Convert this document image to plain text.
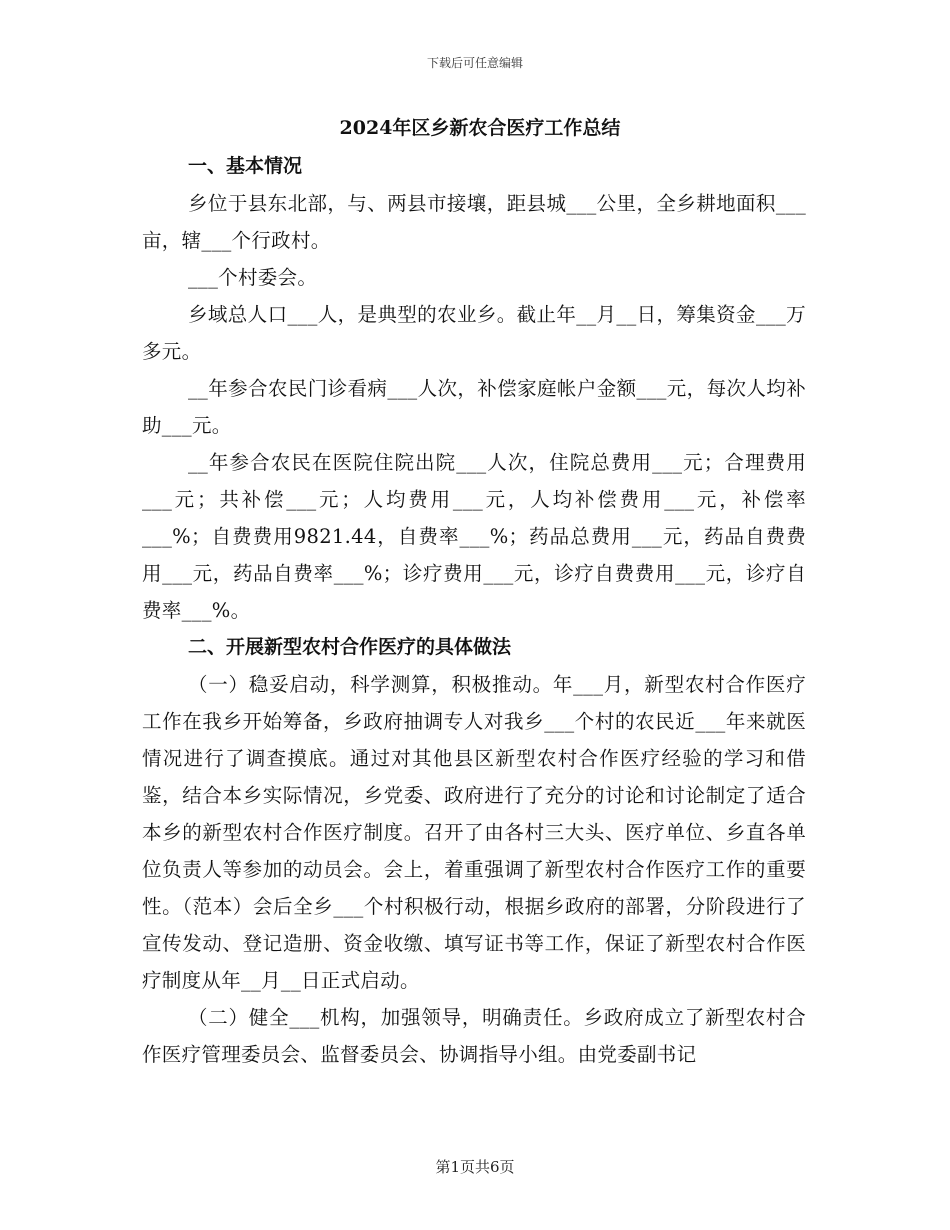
下载后可任意编辑
2024年区乡新农合医疗工作总结
一、基本情况

乡位于县东北部，与、两县市接壤，距县城___公里，全乡耕地面积___亩，辖___个行政村。

___个村委会。

乡域总人口___人，是典型的农业乡。截止年__月__日，筹集资金___万多元。

__年参合农民门诊看病___人次，补偿家庭帐户金额___元，每次人均补助___元。

__年参合农民在医院住院出院___人次，住院总费用___元；合理费用___元；共补偿___元；人均费用___元，人均补偿费用___元，补偿率___%；自费费用9821.44，自费率___%；药品总费用___元，药品自费费用___元，药品自费率___%；诊疗费用___元，诊疗自费费用___元，诊疗自费率___%。

二、开展新型农村合作医疗的具体做法

（一）稳妥启动，科学测算，积极推动。年___月，新型农村合作医疗工作在我乡开始筹备，乡政府抽调专人对我乡___个村的农民近___年来就医情况进行了调查摸底。通过对其他县区新型农村合作医疗经验的学习和借鉴，结合本乡实际情况，乡党委、政府进行了充分的讨论和讨论制定了适合本乡的新型农村合作医疗制度。召开了由各村三大头、医疗单位、乡直各单位负责人等参加的动员会。会上，着重强调了新型农村合作医疗工作的重要性。（范本）会后全乡___个村积极行动，根据乡政府的部署，分阶段进行了宣传发动、登记造册、资金收缴、填写证书等工作，保证了新型农村合作医疗制度从年__月__日正式启动。

（二）健全___机构，加强领导，明确责任。乡政府成立了新型农村合作医疗管理委员会、监督委员会、协调指导小组。由党委副书记

第1页共6页
